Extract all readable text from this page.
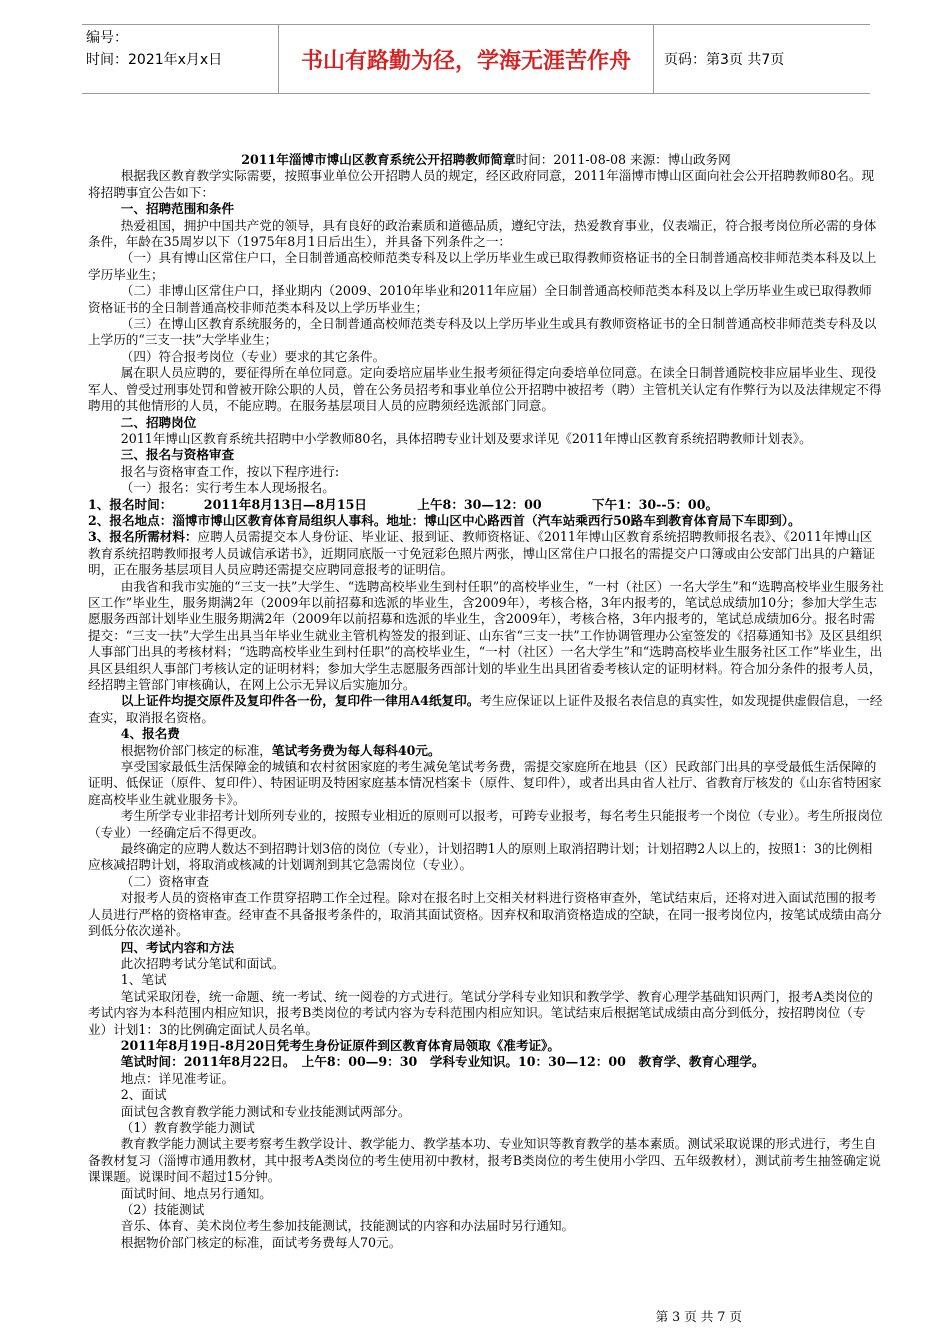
编号：
时间：2021年x月x日	书山有路勤为径，学海无涯苦作舟	页码：第3页 共7页

2011年淄博市博山区教育系统公开招聘教师简章时间：2011-08-08 来源：博山政务网

根据我区教育教学实际需要，按照事业单位公开招聘人员的规定，经区政府同意，2011年淄博市博山区面向社会公开招聘教师80名。现将招聘事宜公告如下：

一、招聘范围和条件

热爱祖国，拥护中国共产党的领导，具有良好的政治素质和道德品质，遵纪守法，热爱教育事业，仪表端正，符合报考岗位所必需的身体条件，年龄在35周岁以下（1975年8月1日后出生），并具备下列条件之一：

（一）具有博山区常住户口，全日制普通高校师范类专科及以上学历毕业生或已取得教师资格证书的全日制普通高校非师范类本科及以上学历毕业生；

（二）非博山区常住户口，择业期内（2009、2010年毕业和2011年应届）全日制普通高校师范类本科及以上学历毕业生或已取得教师资格证书的全日制普通高校非师范类本科及以上学历毕业生；

（三）在博山区教育系统服务的，全日制普通高校师范类专科及以上学历毕业生或具有教师资格证书的全日制普通高校非师范类专科及以上学历的“三支一扶”大学毕业生；

（四）符合报考岗位（专业）要求的其它条件。

属在职人员应聘的，要征得所在单位同意。定向委培应届毕业生报考须征得定向委培单位同意。在读全日制普通院校非应届毕业生、现役军人、曾受过刑事处罚和曾被开除公职的人员，曾在公务员招考和事业单位公开招聘中被招考（聘）主管机关认定有作弊行为以及法律规定不得聘用的其他情形的人员，不能应聘。在服务基层项目人员的应聘须经选派部门同意。

二、招聘岗位

2011年博山区教育系统共招聘中小学教师80名，具体招聘专业计划及要求详见《2011年博山区教育系统招聘教师计划表》。

三、报名与资格审查

报名与资格审查工作，按以下程序进行:

（一）报名：实行考生本人现场报名。

1、报名时间：　　　2011年8月13日—8月15日　　　　上午8：30—12：00　　　　下午1：30--5：00。

2、报名地点：淄博市博山区教育体育局组织人事科。地址：博山区中心路西首（汽车站乘西行50路车到教育体育局下车即到）。

3、报名所需材料：应聘人员需提交本人身份证、毕业证、报到证、教师资格证、《2011年博山区教育系统招聘教师报名表》、《2011年博山区教育系统招聘教师报考人员诚信承诺书》，近期同底版一寸免冠彩色照片两张，博山区常住户口报名的需提交户口簿或由公安部门出具的户籍证明，正在服务基层项目人员应聘还需提交应聘同意报考的证明信。

由我省和我市实施的“三支一扶”大学生、“选聘高校毕业生到村任职”的高校毕业生，“一村（社区）一名大学生”和“选聘高校毕业生服务社区工作”毕业生，服务期满2年（2009年以前招募和选派的毕业生，含2009年），考核合格，3年内报考的，笔试总成绩加10分；参加大学生志愿服务西部计划毕业生服务期满2年（2009年以前招募和选派的毕业生，含2009年），考核合格，3年内报考的，笔试总成绩加6分。报名时需提交：“三支一扶”大学生出具当年毕业生就业主管机构签发的报到证、山东省“三支一扶”工作协调管理办公室签发的《招募通知书》及区县组织人事部门出具的考核材料；“选聘高校毕业生到村任职”的高校毕业生，“一村（社区）一名大学生”和“选聘高校毕业生服务社区工作”毕业生，出具区县组织人事部门考核认定的证明材料；参加大学生志愿服务西部计划的毕业生出具团省委考核认定的证明材料。符合加分条件的报考人员，经招聘主管部门审核确认，在网上公示无异议后实施加分。

以上证件均提交原件及复印件各一份，复印件一律用A4纸复印。考生应保证以上证件及报名表信息的真实性，如发现提供虚假信息，一经查实，取消报名资格。

4、报名费

根据物价部门核定的标准，笔试考务费为每人每科40元。

享受国家最低生活保障金的城镇和农村贫困家庭的考生减免笔试考务费，需提交家庭所在地县（区）民政部门出具的享受最低生活保障的证明、低保证（原件、复印件）、特困证明及特困家庭基本情况档案卡（原件、复印件），或者出具由省人社厅、省教育厅核发的《山东省特困家庭高校毕业生就业服务卡》。

考生所学专业非招考计划所列专业的，按照专业相近的原则可以报考，可跨专业报考，每名考生只能报考一个岗位（专业）。考生所报岗位（专业）一经确定后不得更改。

最终确定的应聘人数达不到招聘计划3倍的岗位（专业），计划招聘1人的原则上取消招聘计划；计划招聘2人以上的，按照1：3的比例相应核减招聘计划，将取消或核减的计划调剂到其它急需岗位（专业）。

（二）资格审查

对报考人员的资格审查工作贯穿招聘工作全过程。除对在报名时上交相关材料进行资格审查外，笔试结束后，还将对进入面试范围的报考人员进行严格的资格审查。经审查不具备报考条件的，取消其面试资格。因弃权和取消资格造成的空缺，在同一报考岗位内，按笔试成绩由高分到低分依次递补。

四、考试内容和方法

此次招聘考试分笔试和面试。

1、笔试

笔试采取闭卷，统一命题、统一考试、统一阅卷的方式进行。笔试分学科专业知识和教学学、教育心理学基础知识两门，报考A类岗位的考试内容为本科范围内相应知识，报考B类岗位的考试内容为专科范围内相应知识。笔试结束后根据笔试成绩由高分到低分，按招聘岗位（专业）计划1：3的比例确定面试人员名单。

2011年8月19日-8月20日凭考生身份证原件到区教育体育局领取《准考证》。

笔试时间：2011年8月22日。　上午8：00—9：30　学科专业知识。10：30—12：00　教育学、教育心理学。

地点：详见准考证。

2、面试

面试包含教育教学能力测试和专业技能测试两部分。

（1）教育教学能力测试

教育教学能力测试主要考察考生教学设计、教学能力、教学基本功、专业知识等教育教学的基本素质。测试采取说课的形式进行，考生自备教材复习（淄博市通用教材，其中报考A类岗位的考生使用初中教材，报考B类岗位的考生使用小学四、五年级教材），测试前考生抽签确定说课课题。说课时间不超过15分钟。

面试时间、地点另行通知。

（2）技能测试

音乐、体育、美术岗位考生参加技能测试，技能测试的内容和办法届时另行通知。

根据物价部门核定的标准，面试考务费每人70元。

第 3 页 共 7 页
